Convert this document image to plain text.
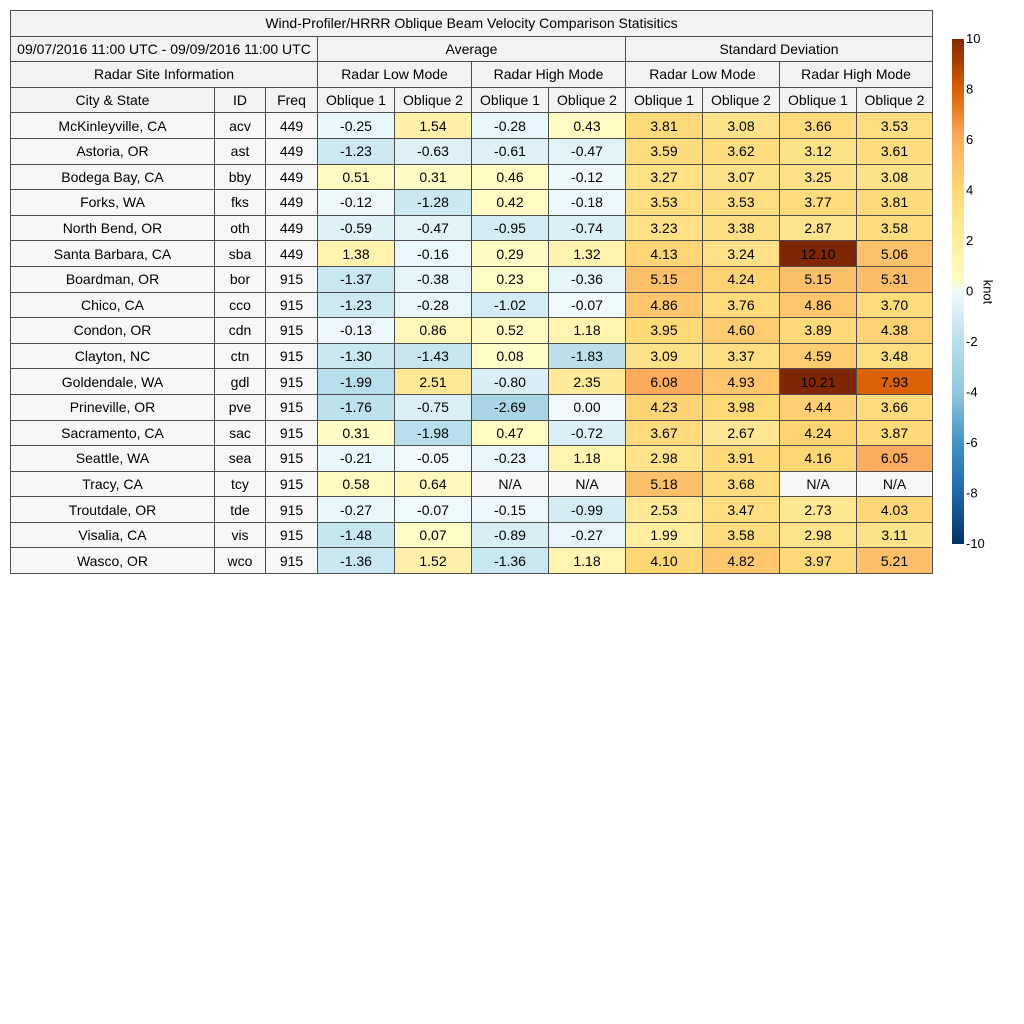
Wind-Profiler/HRRR Oblique Beam Velocity Comparison Statisitics										
09/07/2016 11:00 UTC - 09/09/2016 11:00 UTC			Average				Standard Deviation			
Radar Site Information			Radar Low Mode		Radar High Mode		Radar Low Mode		Radar High Mode	
City & State	ID	Freq	Oblique 1	Oblique 2	Oblique 1	Oblique 2	Oblique 1	Oblique 2	Oblique 1	Oblique 2
McKinleyville, CA	acv	449	-0.25	1.54	-0.28	0.43	3.81	3.08	3.66	3.53
Astoria, OR	ast	449	-1.23	-0.63	-0.61	-0.47	3.59	3.62	3.12	3.61
Bodega Bay, CA	bby	449	0.51	0.31	0.46	-0.12	3.27	3.07	3.25	3.08
Forks, WA	fks	449	-0.12	-1.28	0.42	-0.18	3.53	3.53	3.77	3.81
North Bend, OR	oth	449	-0.59	-0.47	-0.95	-0.74	3.23	3.38	2.87	3.58
Santa Barbara, CA	sba	449	1.38	-0.16	0.29	1.32	4.13	3.24	12.10	5.06
Boardman, OR	bor	915	-1.37	-0.38	0.23	-0.36	5.15	4.24	5.15	5.31
Chico, CA	cco	915	-1.23	-0.28	-1.02	-0.07	4.86	3.76	4.86	3.70
Condon, OR	cdn	915	-0.13	0.86	0.52	1.18	3.95	4.60	3.89	4.38
Clayton, NC	ctn	915	-1.30	-1.43	0.08	-1.83	3.09	3.37	4.59	3.48
Goldendale, WA	gdl	915	-1.99	2.51	-0.80	2.35	6.08	4.93	10.21	7.93
Prineville, OR	pve	915	-1.76	-0.75	-2.69	0.00	4.23	3.98	4.44	3.66
Sacramento, CA	sac	915	0.31	-1.98	0.47	-0.72	3.67	2.67	4.24	3.87
Seattle, WA	sea	915	-0.21	-0.05	-0.23	1.18	2.98	3.91	4.16	6.05
Tracy, CA	tcy	915	0.58	0.64	N/A	N/A	5.18	3.68	N/A	N/A
Troutdale, OR	tde	915	-0.27	-0.07	-0.15	-0.99	2.53	3.47	2.73	4.03
Visalia, CA	vis	915	-1.48	0.07	-0.89	-0.27	1.99	3.58	2.98	3.11
Wasco, OR	wco	915	-1.36	1.52	-1.36	1.18	4.10	4.82	3.97	5.21
10
8
6
4
2
0
-2
-4
-6
-8
-10
knot
